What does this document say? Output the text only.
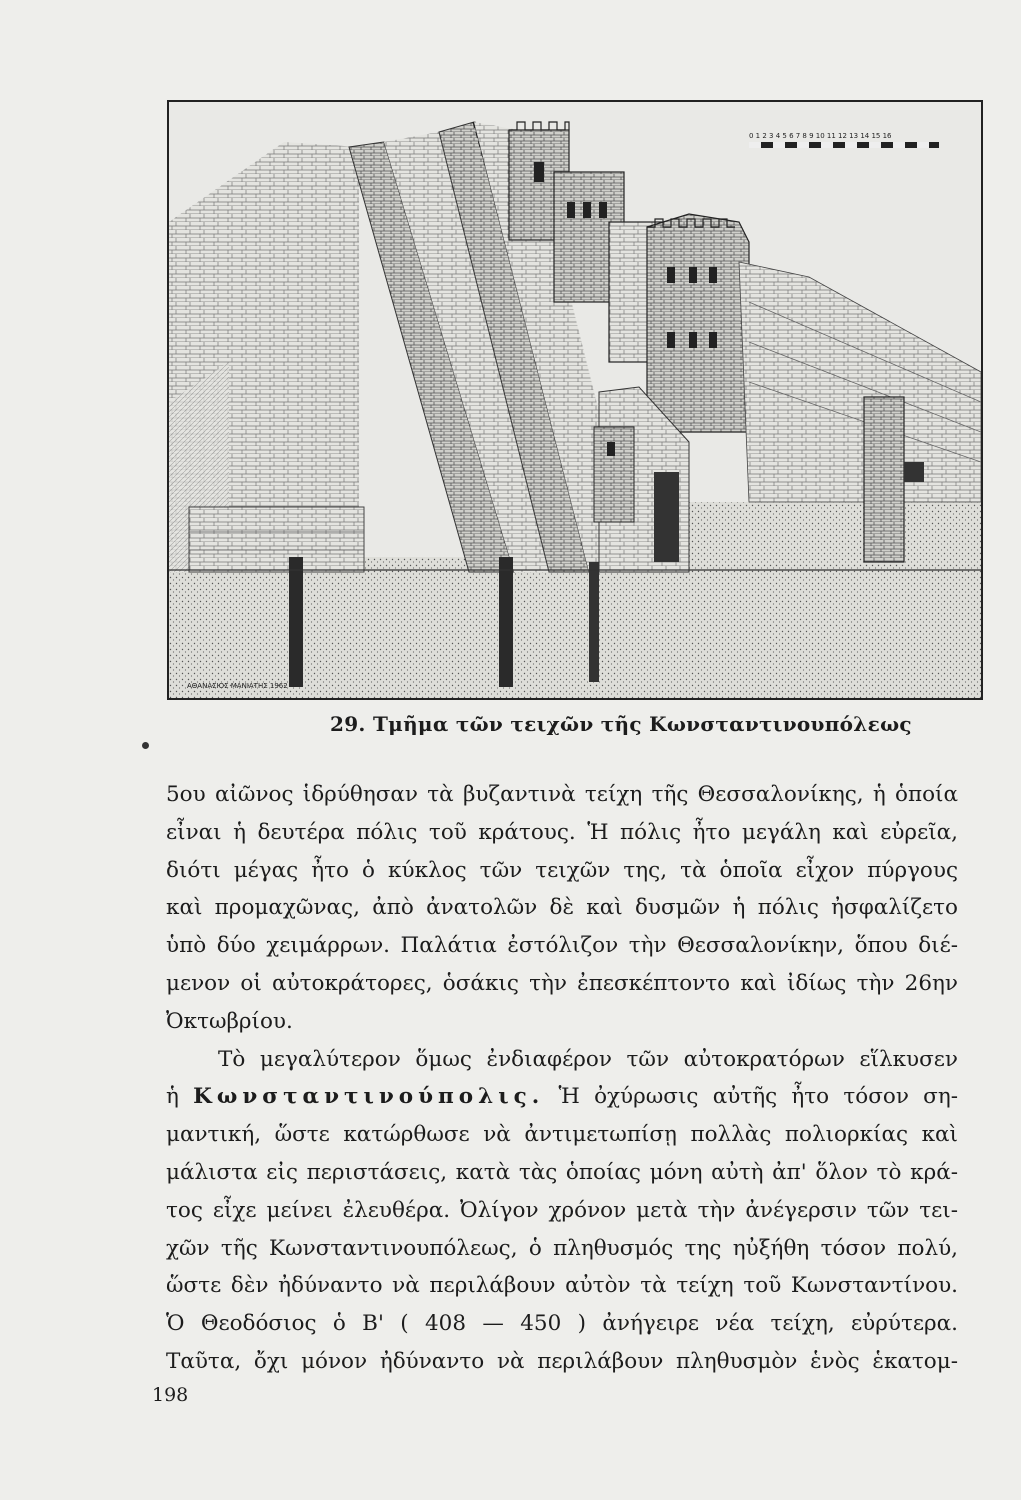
0 1 2 3 4 5 6 7 8 9 10 11 12 13 14 15 16
ΑΘΑΝΑΣΙΟΣ ΜΑΝΙΑΤΗΣ 1962
29. Τμῆμα τῶν τειχῶν τῆς Κωνσταντινουπόλεως
5ου αἰῶνος ἱδρύθησαν τὰ βυζαντινὰ τείχη τῆς Θεσσαλονίκης, ἡ ὁποία
εἶναι ἡ δευτέρα πόλις τοῦ κράτους. Ἡ πόλις ἦτο μεγάλη καὶ εὐρεῖα,
διότι μέγας ἦτο ὁ κύκλος τῶν τειχῶν της, τὰ ὁποῖα εἶχον πύργους
καὶ προμαχῶνας, ἀπὸ ἀνατολῶν δὲ καὶ δυσμῶν ἡ πόλις ἠσφαλίζετο
ὑπὸ δύο χειμάρρων. Παλάτια ἐστόλιζον τὴν Θεσσαλονίκην, ὅπου διέ-
μενον οἱ αὐτοκράτορες, ὁσάκις τὴν ἐπεσκέπτοντο καὶ ἰδίως τὴν 26ην
Ὀκτωβρίου.
Τὸ μεγαλύτερον ὅμως ἐνδιαφέρον τῶν αὐτοκρατόρων εἵλκυσεν
ἡ Κωνσταντινούπολις. Ἡ ὀχύρωσις αὐτῆς ἦτο τόσον ση-
μαντική, ὥστε κατώρθωσε νὰ ἀντιμετωπίσῃ πολλὰς πολιορκίας καὶ
μάλιστα εἰς περιστάσεις, κατὰ τὰς ὁποίας μόνη αὐτὴ ἀπ' ὅλον τὸ κρά-
τος εἶχε μείνει ἐλευθέρα. Ὀλίγον χρόνον μετὰ τὴν ἀνέγερσιν τῶν τει-
χῶν τῆς Κωνσταντινουπόλεως, ὁ πληθυσμός της ηὐξήθη τόσον πολύ,
ὥστε δὲν ἠδύναντο νὰ περιλάβουν αὐτὸν τὰ τείχη τοῦ Κωνσταντίνου.
Ὁ Θεοδόσιος ὁ Β' ( 408 — 450 ) ἀνήγειρε νέα τείχη, εὐρύτερα.
Ταῦτα, ὄχι μόνον ἠδύναντο νὰ περιλάβουν πληθυσμὸν ἑνὸς ἑκατομ-
198
